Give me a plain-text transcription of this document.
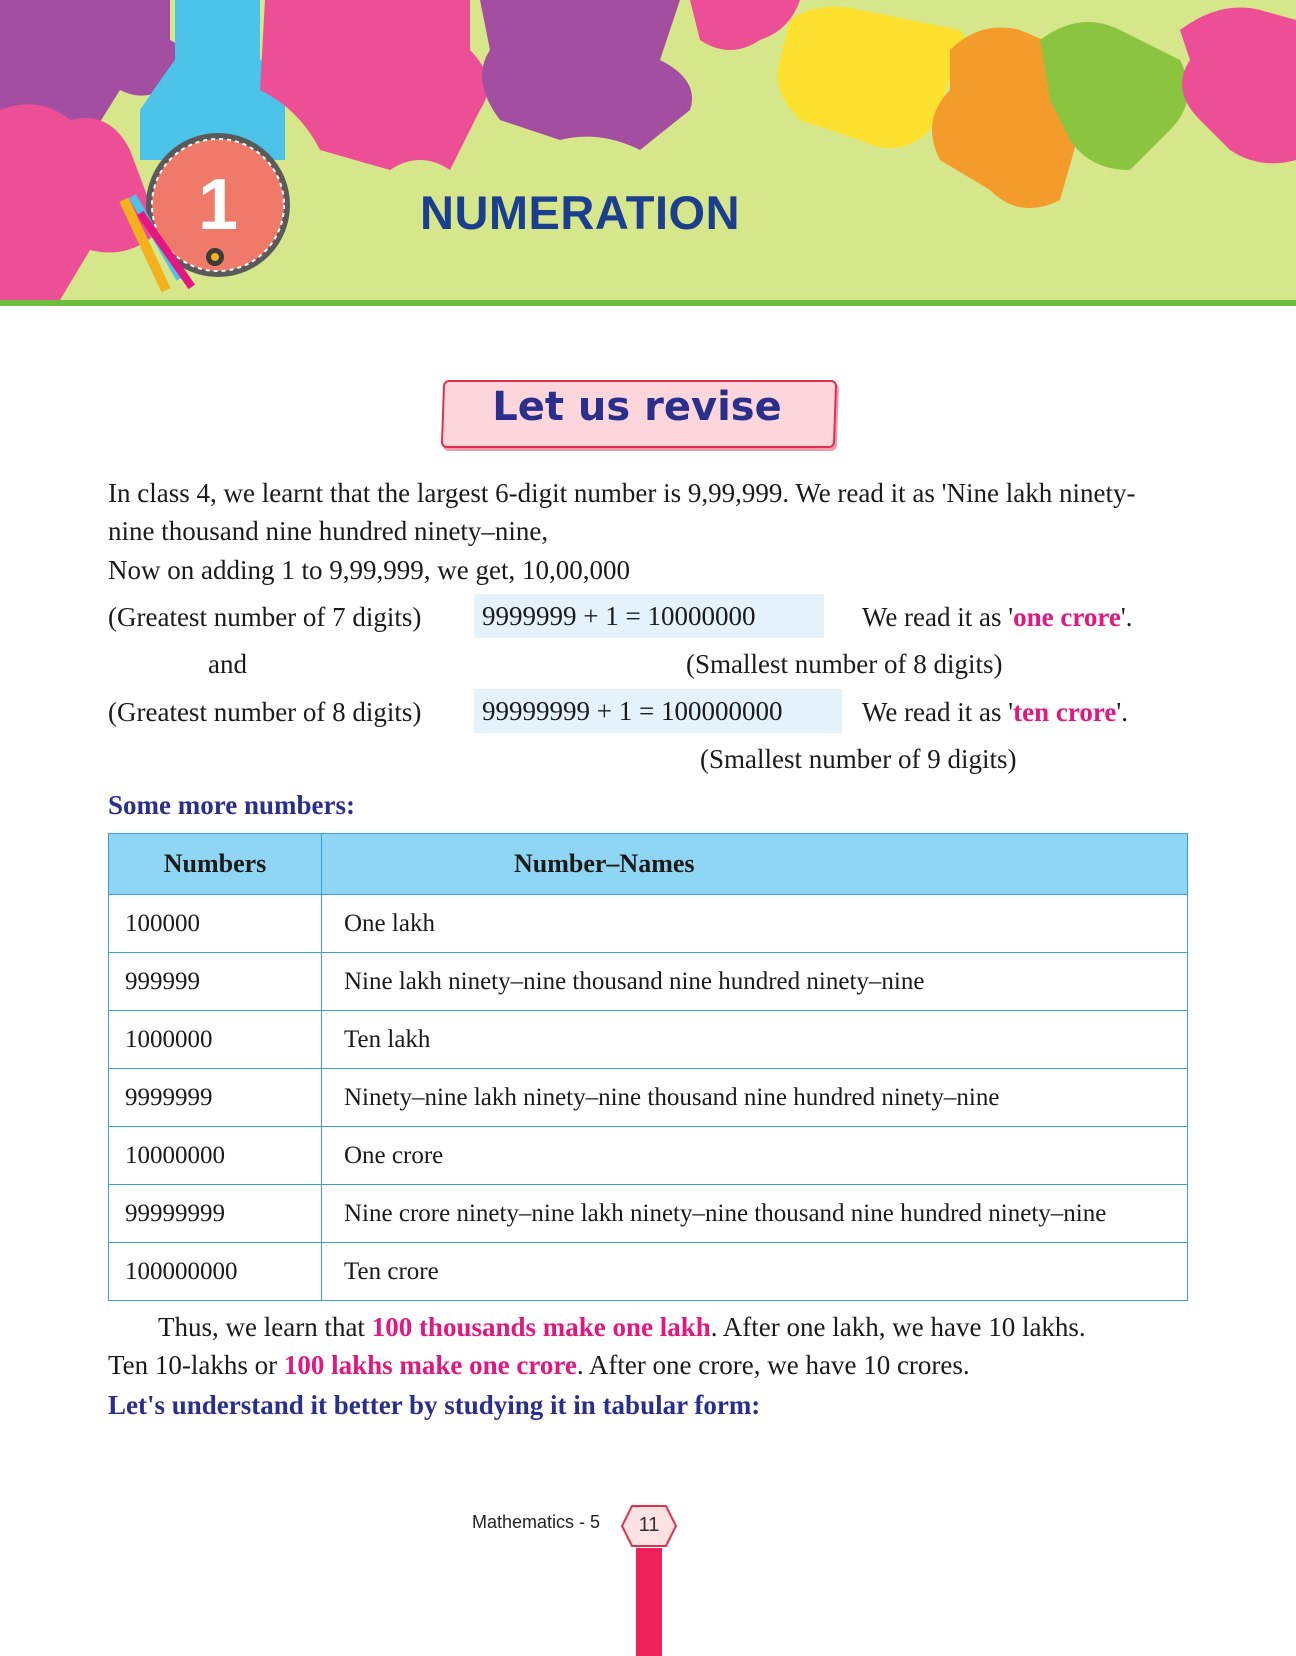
1	NUMERATION
Let us revise
In class 4, we learnt that the largest 6-digit number is 9,99,999. We read it as 'Nine lakh ninety-
nine thousand nine hundred ninety–nine,
Now on adding 1 to 9,99,999, we get, 10,00,000
(Greatest number of 7 digits) 9999999 + 1 = 10000000	We read it as 'one crore'.
and	(Smallest number of 8 digits)
(Greatest number of 8 digits) 99999999 + 1 = 100000000	We read it as 'ten crore'.
(Smallest number of 9 digits)
Some more numbers:
Numbers	Number–Names
100000	One lakh
999999	Nine lakh ninety–nine thousand nine hundred ninety–nine
1000000	Ten lakh
9999999	Ninety–nine lakh ninety–nine thousand nine hundred ninety–nine
10000000	One crore
99999999	Nine crore ninety–nine lakh ninety–nine thousand nine hundred ninety–nine
100000000	Ten crore
Thus, we learn that 100 thousands make one lakh. After one lakh, we have 10 lakhs.
Ten 10-lakhs or 100 lakhs make one crore. After one crore, we have 10 crores.
Let's understand it better by studying it in tabular form:
Mathematics - 5	11
